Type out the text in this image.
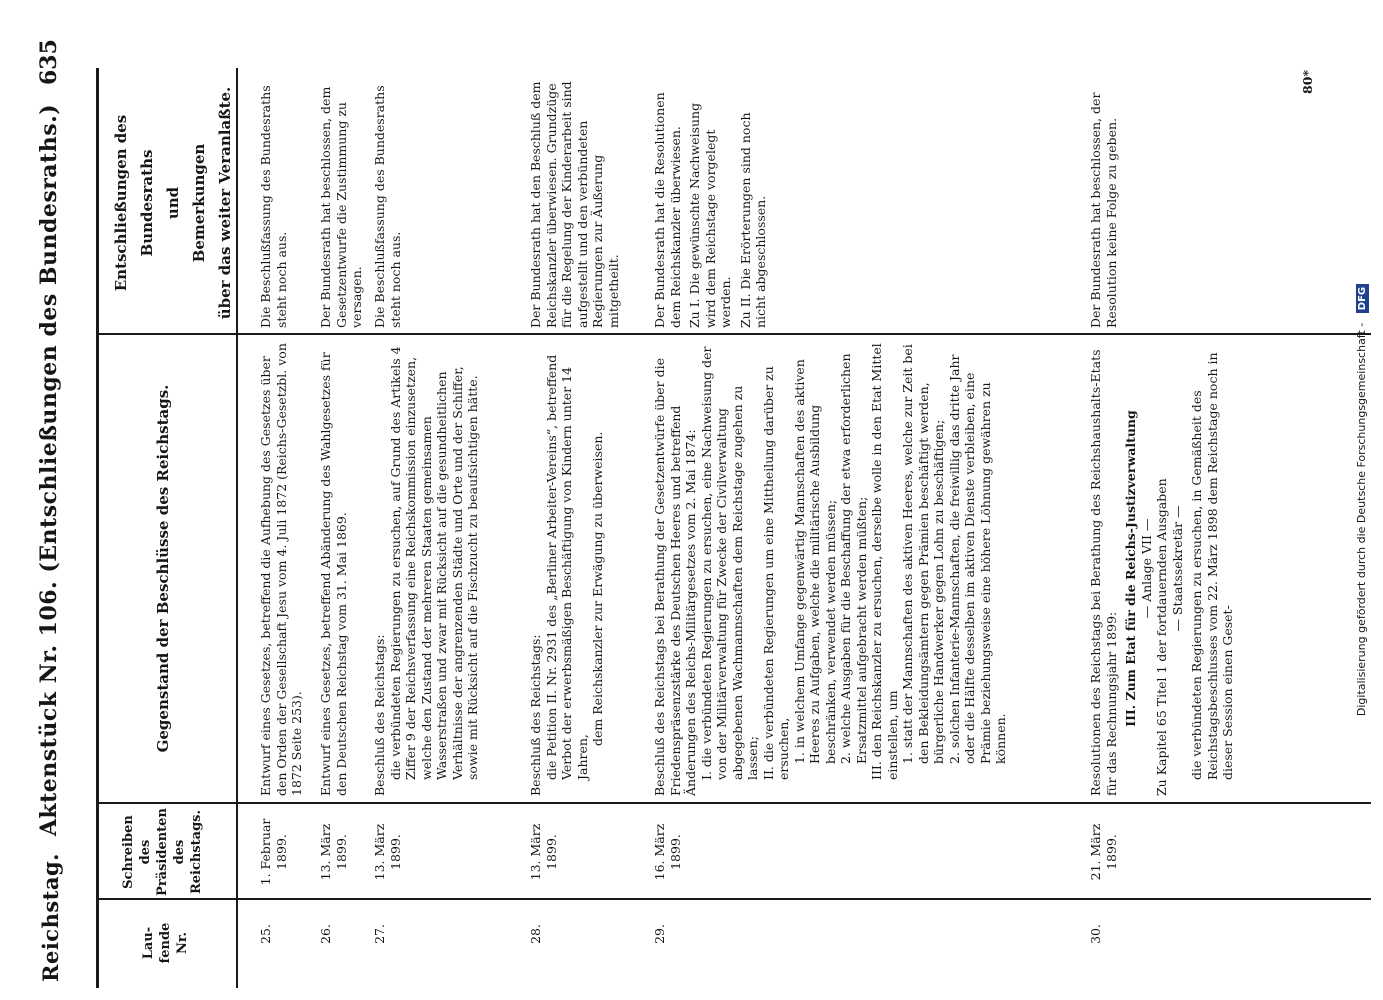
Reichstag.
Aktenstück Nr. 106. (Entschließungen des Bundesraths.)
635
Lau- fende Nr.
Schreiben des Präsidenten des Reichstags.
Gegenstand der Beschlüsse des Reichstags.
Entschließungen des Bundesraths und Bemerkungen über das weiter Veranlaßte.
25.
1. Februar 1899.

Entwurf eines Gesetzes, betreffend die Aufhebung des Gesetzes über den Orden der Gesellschaft Jesu vom 4. Juli 1872 (Reichs-Gesetzbl. von 1872 Seite 253).

Die Beschlußfassung des Bundesraths steht noch aus.

26.
13. März 1899.

Entwurf eines Gesetzes, betreffend Abänderung des Wahlgesetzes für den Deutschen Reichstag vom 31. Mai 1869.

Der Bundesrath hat beschlossen, dem Gesetzentwurfe die Zustimmung zu versagen.

27.
13. März 1899.

Beschluß des Reichstags: die verbündeten Regierungen zu ersuchen, auf Grund des Artikels 4 Ziffer 9 der Reichsverfassung eine Reichskommission einzusetzen, welche den Zustand der mehreren Staaten gemeinsamen Wasserstraßen und zwar mit Rücksicht auf die gesundheitlichen Verhältnisse der angrenzenden Städte und Orte und der Schiffer, sowie mit Rücksicht auf die Fischzucht zu beaufsichtigen hätte.

Die Beschlußfassung des Bundesraths steht noch aus.

28.
13. März 1899.

Beschluß des Reichstags: die Petition II. Nr. 2931 des „Berliner Arbeiter-Vereins“, betreffend Verbot der erwerbsmäßigen Beschäftigung von Kindern unter 14 Jahren,

dem Reichskanzler zur Erwägung zu überweisen.

Der Bundesrath hat den Beschluß dem Reichskanzler überwiesen. Grundzüge für die Regelung der Kinderarbeit sind aufgestellt und den verbündeten Regierungen zur Äußerung mitgetheilt.

29.
16. März 1899.

Beschluß des Reichstags bei Berathung der Gesetzentwürfe über die Friedenspräsenzstärke des Deutschen Heeres und betreffend Änderungen des Reichs-Militärgesetzes vom 2. Mai 1874: I. die verbündeten Regierungen zu ersuchen, eine Nachweisung der von der Militärverwaltung für Zwecke der Civilverwaltung abgegebenen Wachmannschaften dem Reichstage zugehen zu lassen; II. die verbündeten Regierungen um eine Mittheilung darüber zu ersuchen, 1. in welchem Umfange gegenwärtig Mannschaften des aktiven Heeres zu Aufgaben, welche die militärische Ausbildung beschränken, verwendet werden müssen; 2. welche Ausgaben für die Beschaffung der etwa erforderlichen Ersatzmittel aufgebracht werden müßten; III. den Reichskanzler zu ersuchen, derselbe wolle in den Etat Mittel einstellen, um 1. statt der Mannschaften des aktiven Heeres, welche zur Zeit bei den Bekleidungsämtern gegen Prämien beschäftigt werden, bürgerliche Handwerker gegen Lohn zu beschäftigen; 2. solchen Infanterie-Mannschaften, die freiwillig das dritte Jahr oder die Hälfte desselben im aktiven Dienste verbleiben, eine Prämie beziehungsweise eine höhere Löhnung gewähren zu können.

Der Bundesrath hat die Resolutionen dem Reichskanzler überwiesen. Zu I. Die gewünschte Nachweisung wird dem Reichstage vorgelegt werden. Zu II. Die Erörterungen sind noch nicht abgeschlossen.

30.
21. März 1899.

Resolutionen des Reichstags bei Berathung des Reichshaushalts-Etats für das Rechnungsjahr 1899: III. Zum Etat für die Reichs-Justizverwaltung — Anlage VII — Zu Kapitel 65 Titel 1 der fortdauernden Ausgaben — Staatssekretär — die verbündeten Regierungen zu ersuchen, in Gemäßheit des Reichstagsbeschlusses vom 22. März 1898 dem Reichstage noch in dieser Session einen Geset-

Der Bundesrath hat beschlossen, der Resolution keine Folge zu geben.

80*
Digitalisierung gefördert durch die Deutsche Forschungsgemeinschaft - DFG
